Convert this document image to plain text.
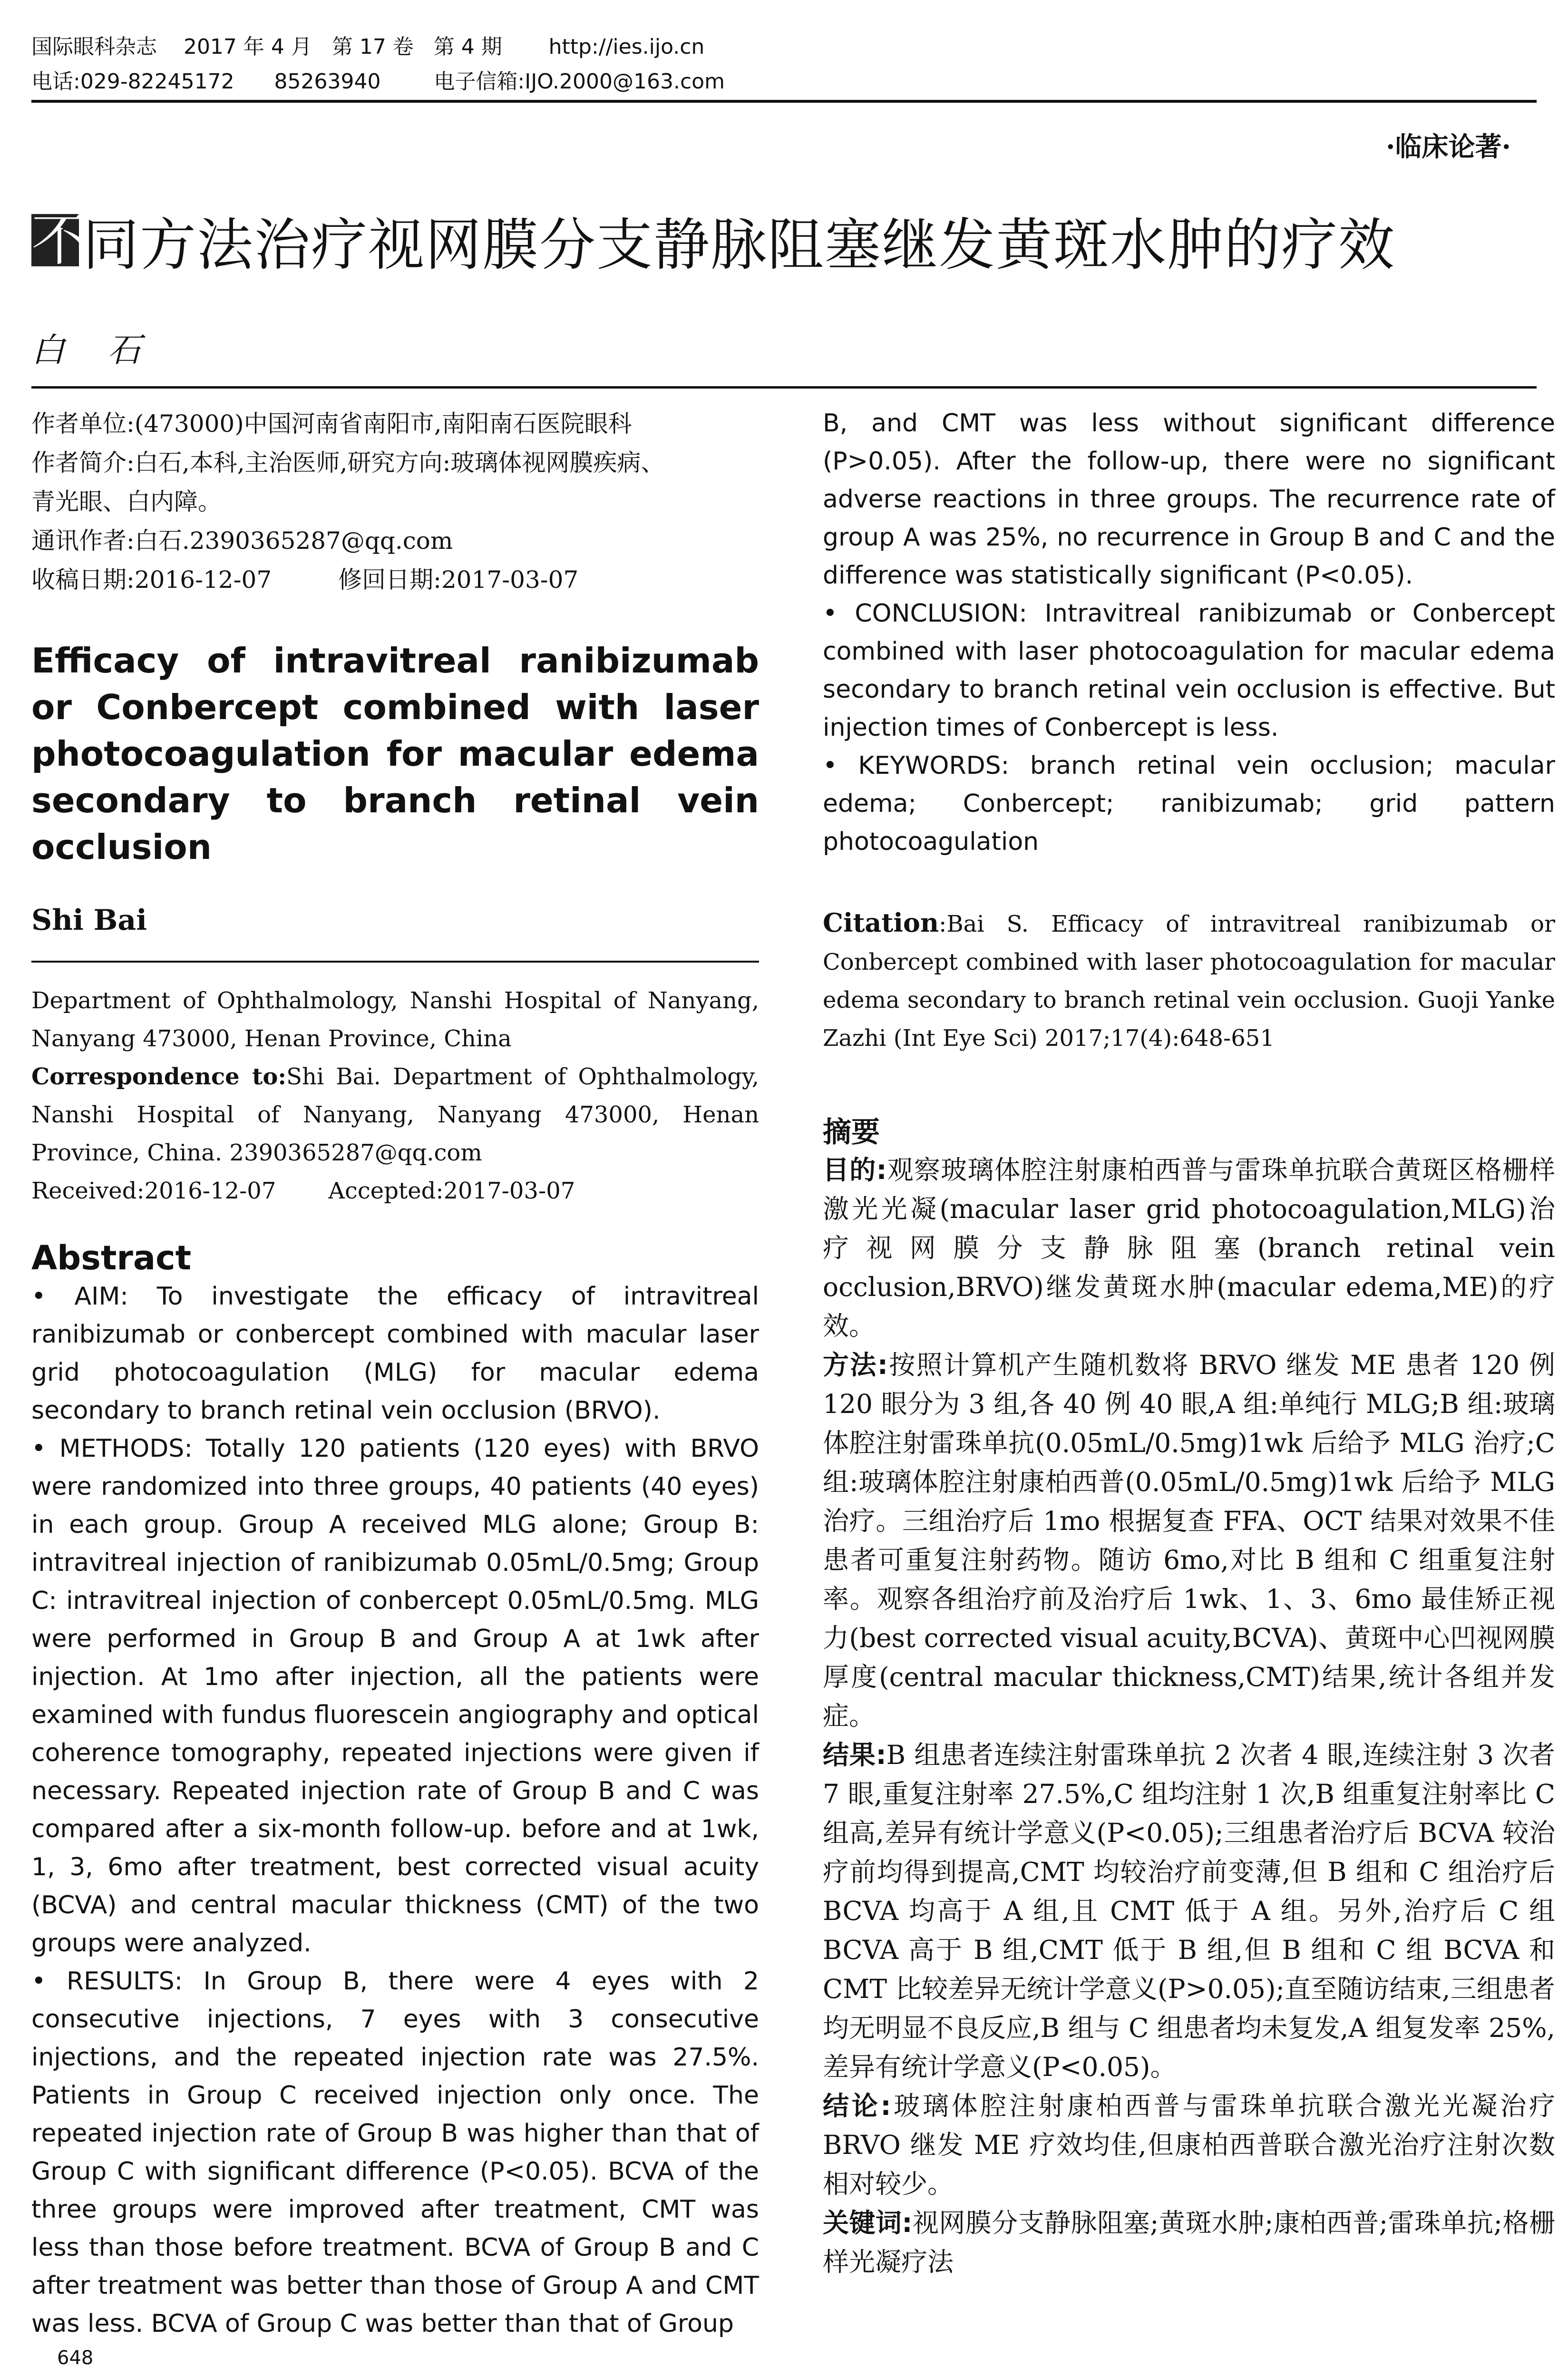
国际眼科杂志    2017 年 4 月   第 17 卷   第 4 期       http://ies.ijo.cn
电话:029-82245172      85263940        电子信箱:IJO.2000@163.com
·临床论著·
不
同方法治疗视网膜分支静脉阻塞继发黄斑水肿的疗效
白石
作者单位:(473000)中国河南省南阳市,南阳南石医院眼科
作者简介:白石,本科,主治医师,研究方向:玻璃体视网膜疾病、
青光眼、白内障。
通讯作者:白石.2390365287@qq.com
收稿日期:2016-12-07	修回日期:2017-03-07
Efficacy of intravitreal ranibizumab or Conbercept combined with laser photocoagulation for macular edema secondary to branch retinal vein occlusion
Shi Bai
Department of Ophthalmology, Nanshi Hospital of Nanyang, Nanyang 473000, Henan Province, China
Correspondence to:Shi Bai. Department of Ophthalmology, Nanshi Hospital of Nanyang, Nanyang 473000, Henan Province, China. 2390365287@qq.com
Received:2016-12-07 Accepted:2017-03-07
Abstract

• AIM: To investigate the efficacy of intravitreal ranibizumab or conbercept combined with macular laser grid photocoagulation (MLG) for macular edema secondary to branch retinal vein occlusion (BRVO).

• METHODS: Totally 120 patients (120 eyes) with BRVO were randomized into three groups, 40 patients (40 eyes) in each group. Group A received MLG alone; Group B: intravitreal injection of ranibizumab 0.05mL/0.5mg; Group C: intravitreal injection of conbercept 0.05mL/0.5mg. MLG were performed in Group B and Group A at 1wk after injection. At 1mo after injection, all the patients were examined with fundus fluorescein angiography and optical coherence tomography, repeated injections were given if necessary. Repeated injection rate of Group B and C was compared after a six-month follow-up. before and at 1wk, 1, 3, 6mo after treatment, best corrected visual acuity (BCVA) and central macular thickness (CMT) of the two groups were analyzed.

• RESULTS: In Group B, there were 4 eyes with 2 consecutive injections, 7 eyes with 3 consecutive injections, and the repeated injection rate was 27.5%. Patients in Group C received injection only once. The repeated injection rate of Group B was higher than that of Group C with significant difference (P<0.05). BCVA of the three groups were improved after treatment, CMT was less than those before treatment. BCVA of Group B and C after treatment was better than those of Group A and CMT was less. BCVA of Group C was better than that of Group

B, and CMT was less without significant difference (P>0.05). After the follow-up, there were no significant adverse reactions in three groups. The recurrence rate of group A was 25%, no recurrence in Group B and C and the difference was statistically significant (P<0.05).

• CONCLUSION: Intravitreal ranibizumab or Conbercept combined with laser photocoagulation for macular edema secondary to branch retinal vein occlusion is effective. But injection times of Conbercept is less.

• KEYWORDS: branch retinal vein occlusion; macular edema; Conbercept; ranibizumab; grid pattern photocoagulation

Citation:Bai S. Efficacy of intravitreal ranibizumab or Conbercept combined with laser photocoagulation for macular edema secondary to branch retinal vein occlusion. Guoji Yanke Zazhi (Int Eye Sci) 2017;17(4):648-651
摘要

目的:观察玻璃体腔注射康柏西普与雷珠单抗联合黄斑区格栅样激光光凝(macular laser grid photocoagulation,MLG)治疗视网膜分支静脉阻塞(branch retinal vein occlusion,BRVO)继发黄斑水肿(macular edema,ME)的疗效。

方法:按照计算机产生随机数将 BRVO 继发 ME 患者 120 例 120 眼分为 3 组,各 40 例 40 眼,A 组:单纯行 MLG;B 组:玻璃体腔注射雷珠单抗(0.05mL/0.5mg)1wk 后给予 MLG 治疗;C 组:玻璃体腔注射康柏西普(0.05mL/0.5mg)1wk 后给予 MLG 治疗。三组治疗后 1mo 根据复查 FFA、OCT 结果对效果不佳患者可重复注射药物。随访 6mo,对比 B 组和 C 组重复注射率。观察各组治疗前及治疗后 1wk、1、3、6mo 最佳矫正视力(best corrected visual acuity,BCVA)、黄斑中心凹视网膜厚度(central macular thickness,CMT)结果,统计各组并发症。

结果:B 组患者连续注射雷珠单抗 2 次者 4 眼,连续注射 3 次者 7 眼,重复注射率 27.5%,C 组均注射 1 次,B 组重复注射率比 C 组高,差异有统计学意义(P<0.05);三组患者治疗后 BCVA 较治疗前均得到提高,CMT 均较治疗前变薄,但 B 组和 C 组治疗后 BCVA 均高于 A 组,且 CMT 低于 A 组。另外,治疗后 C 组 BCVA 高于 B 组,CMT 低于 B 组,但 B 组和 C 组 BCVA 和 CMT 比较差异无统计学意义(P>0.05);直至随访结束,三组患者均无明显不良反应,B 组与 C 组患者均未复发,A 组复发率 25%,差异有统计学意义(P<0.05)。

结论:玻璃体腔注射康柏西普与雷珠单抗联合激光光凝治疗 BRVO 继发 ME 疗效均佳,但康柏西普联合激光治疗注射次数相对较少。

关键词:视网膜分支静脉阻塞;黄斑水肿;康柏西普;雷珠单抗;格栅样光凝疗法

648
